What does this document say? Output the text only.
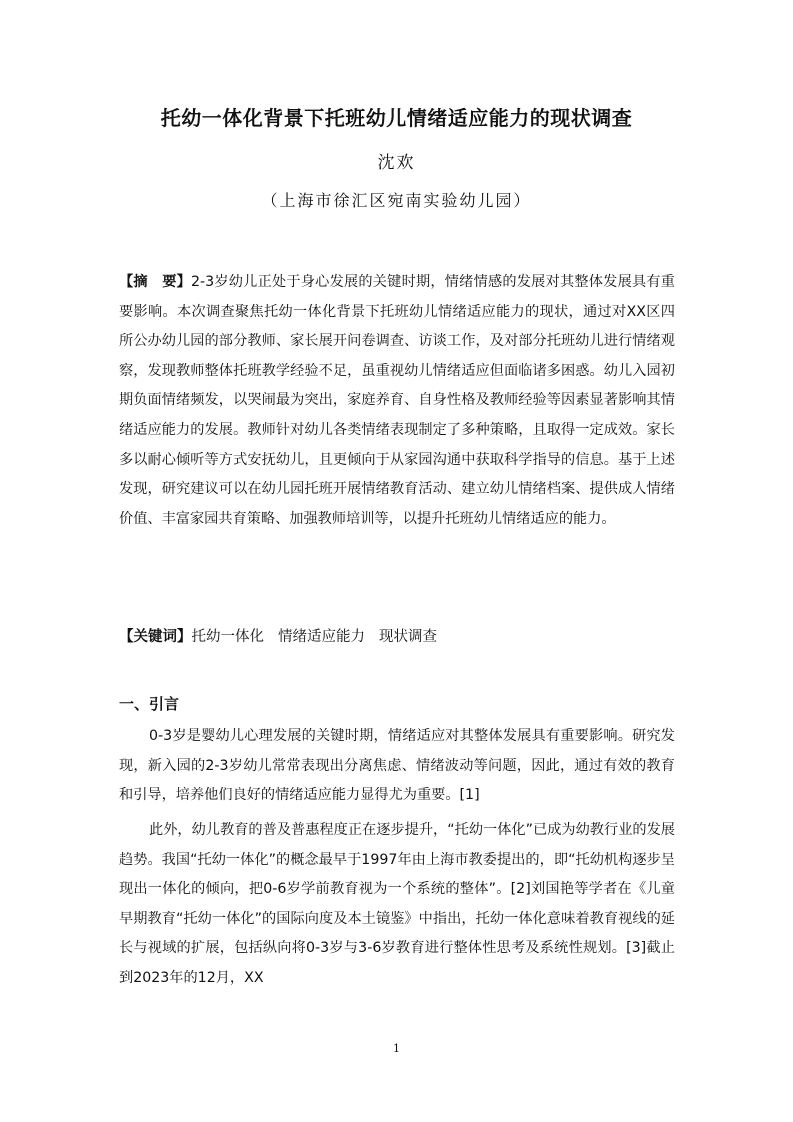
托幼一体化背景下托班幼儿情绪适应能力的现状调查
沈欢
（上海市徐汇区宛南实验幼儿园）
【摘　要】2-3岁幼儿正处于身心发展的关键时期，情绪情感的发展对其整体发展具有重要影响。本次调查聚焦托幼一体化背景下托班幼儿情绪适应能力的现状，通过对XX区四所公办幼儿园的部分教师、家长展开问卷调查、访谈工作，及对部分托班幼儿进行情绪观察，发现教师整体托班教学经验不足，虽重视幼儿情绪适应但面临诸多困惑。幼儿入园初期负面情绪频发，以哭闹最为突出，家庭养育、自身性格及教师经验等因素显著影响其情绪适应能力的发展。教师针对幼儿各类情绪表现制定了多种策略，且取得一定成效。家长多以耐心倾听等方式安抚幼儿，且更倾向于从家园沟通中获取科学指导的信息。基于上述发现，研究建议可以在幼儿园托班开展情绪教育活动、建立幼儿情绪档案、提供成人情绪价值、丰富家园共育策略、加强教师培训等，以提升托班幼儿情绪适应的能力。
【关键词】托幼一体化 情绪适应能力 现状调查
一、引言
0-3岁是婴幼儿心理发展的关键时期，情绪适应对其整体发展具有重要影响。研究发现，新入园的2-3岁幼儿常常表现出分离焦虑、情绪波动等问题，因此，通过有效的教育和引导，培养他们良好的情绪适应能力显得尤为重要。[1]
此外，幼儿教育的普及普惠程度正在逐步提升，“托幼一体化”已成为幼教行业的发展趋势。我国“托幼一体化”的概念最早于1997年由上海市教委提出的，即“托幼机构逐步呈现出一体化的倾向，把0-6岁学前教育视为一个系统的整体”。[2]刘国艳等学者在《儿童早期教育“托幼一体化”的国际向度及本土镜鉴》中指出，托幼一体化意味着教育视线的延长与视域的扩展，包括纵向将0-3岁与3-6岁教育进行整体性思考及系统性规划。[3]截止到2023年的12月，XX
1
